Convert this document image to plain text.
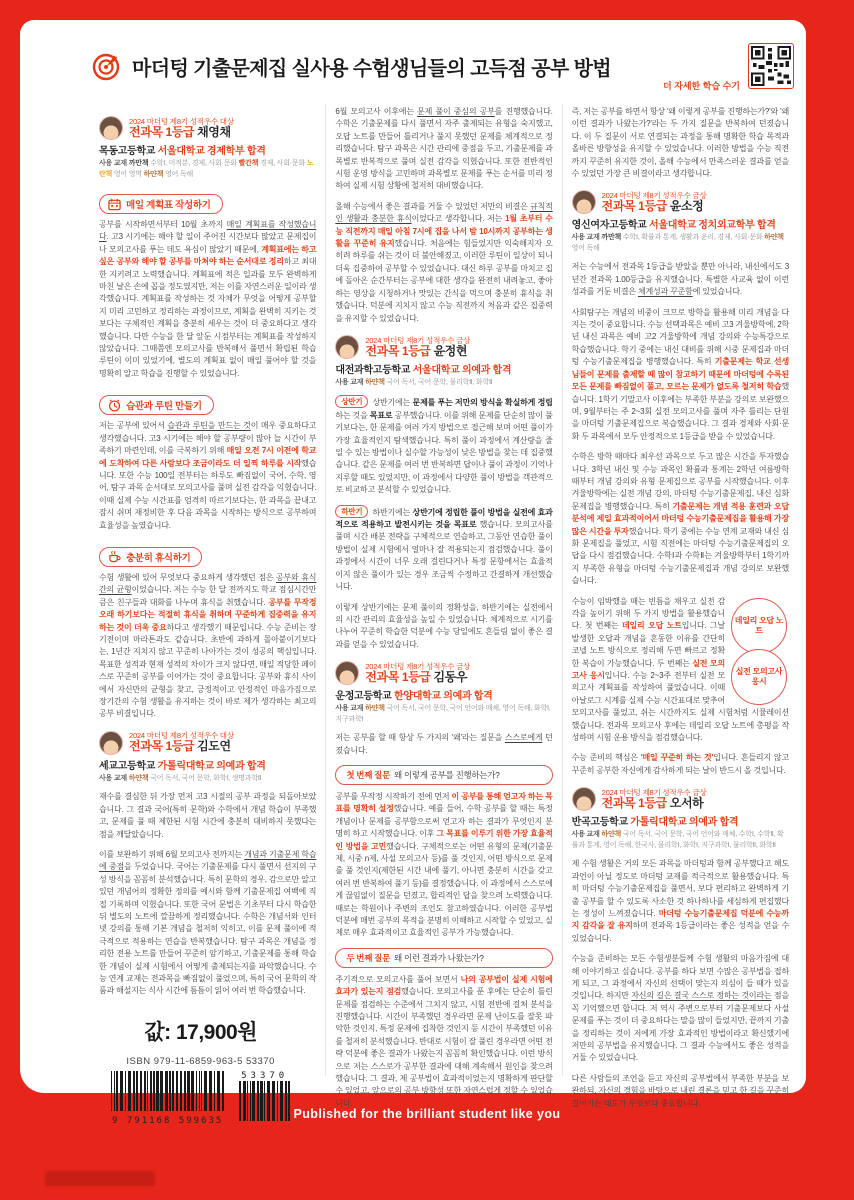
마더텅 기출문제집 실사용 수험생님들의 고득점 공부 방법
더 자세한 학습 수기
2024 마더텅 제8기 성적우수 대상
전과목 1등급 채영채
목동고등학교 서울대학교 경제학부 합격
사용 교재 까만책 수학Ⅰ, 미적분, 경제, 사회·문화 빨간책 경제, 사회·문화 노란책 영어 영역 하얀책 영어 독해
매일 계획표 작성하기

공부를 시작하면서부터 10월 초까지 매일 계획표를 작성했습니다. 고3 시기에는 해야 할 일이 주어진 시간보다 많았고 문제집이나 모의고사를 푸는 데도 욕심이 많았기 때문에, 계획표에는 하고 싶은 공부와 해야 할 공부를 마쳐야 하는 순서대로 정리하고 최대한 지키려고 노력했습니다. 계획표에 적은 일과를 모두 완벽하게 마친 날은 손에 꼽을 정도였지만, 저는 이를 자연스러운 일이라 생각했습니다. 계획표를 작성하는 것 자체가 무엇을 어떻게 공부할지 미리 고민하고 정리하는 과정이므로, 계획을 완벽히 지키는 것보다는 구체적인 계획을 충분히 세우는 것이 더 중요하다고 생각했습니다. 다만 수능을 한 달 앞둔 시점부터는 계획표를 작성하지 않았습니다. 그때쯤엔 모의고사를 반복해서 풀면서 확립된 학습 루틴이 이미 있었기에, 별도의 계획표 없이 매일 풀어야 할 것을 명확히 알고 학습을 진행할 수 있었습니다.

습관과 루틴 만들기

저는 공부에 있어서 습관과 루틴을 만드는 것이 매우 중요하다고 생각했습니다. 고3 시기에는 해야 할 공부량이 많아 늘 시간이 부족하기 마련인데, 이를 극복하기 위해 매일 오전 7시 이전에 학교에 도착하여 다른 사람보다 조금이라도 더 일찍 하루를 시작했습니다. 또한 수능 100일 전부터는 하루도 빠짐없이 국어, 수학, 영어, 탐구 과목 순서대로 모의고사를 풀며 실전 감각을 익혔습니다. 이때 실제 수능 시간표를 엄격히 따르기보다는, 한 과목을 끝내고 잠시 쉬며 재정비한 후 다음 과목을 시작하는 방식으로 공부하며 효율성을 높였습니다.

충분히 휴식하기

수험 생활에 있어 무엇보다 중요하게 생각했던 점은 공부와 휴식 간의 균형이었습니다. 저는 수능 한 달 전까지도 학교 점심시간만큼은 친구들과 대화를 나누며 휴식을 취했습니다. 공부를 무작정 오래 하기보다는 적절히 휴식을 취하며 꾸준하게 집중력을 유지하는 것이 더욱 중요하다고 생각했기 때문입니다. 수능 준비는 장기전이며 마라톤과도 같습니다. 초반에 과하게 몰아붙이기보다는, 1년간 지치지 않고 꾸준히 나아가는 것이 성공의 핵심입니다. 목표한 성적과 현재 성적의 차이가 크지 않다면, 매일 적당한 페이스로 꾸준히 공부를 이어가는 것이 중요합니다. 공부와 휴식 사이에서 자신만의 균형을 찾고, 긍정적이고 안정적인 마음가짐으로 장기간의 수험 생활을 유지하는 것이 바로 제가 생각하는 최고의 공부 비결입니다.

2024 마더텅 제8기 성적우수 대상
전과목 1등급 김도연
세교고등학교 가톨릭대학교 의예과 합격
사용 교재 하얀책 국어 독서, 국어 문학, 화학Ⅰ, 생명과학Ⅱ

재수를 결심한 뒤 가장 먼저 고3 시절의 공부 과정을 되돌아보았습니다. 그 결과 국어(특히 문학)와 수학에서 개념 학습이 부족했고, 문제를 풀 때 제한된 시험 시간에 충분히 대비하지 못했다는 점을 깨달았습니다.

이를 보완하기 위해 6월 모의고사 전까지는 개념과 기출문제 학습에 중점을 두었습니다. 국어는 기출문제를 다시 풀면서 선지의 구성 방식을 꼼꼼히 분석했습니다. 특히 문학의 경우, 감으로만 알고 있던 개념어의 정확한 정의를 예시와 함께 기출문제집 여백에 직접 기록하며 익혔습니다. 또한 국어 문법은 기초부터 다시 학습한 뒤 별도의 노트에 깔끔하게 정리했습니다. 수학은 개념서와 인터넷 강의를 통해 기본 개념을 철저히 익히고, 이를 문제 풀이에 적극적으로 적용하는 연습을 반복했습니다. 탐구 과목은 개념을 정리한 전용 노트를 만들어 꾸준히 암기하고, 기출문제를 통해 학습한 개념이 실제 시험에서 어떻게 출제되는지를 파악했습니다. 수능 연계 교재는 전과목을 빠짐없이 풀었으며, 특히 국어 문학의 작품과 해설지는 식사 시간에 틈틈이 읽어 여러 번 학습했습니다.

값: 17,900원
ISBN 979-11-6859-963-5 53370
9 791168 599635
53370

6월 모의고사 이후에는 문제 풀이 중심의 공부를 진행했습니다. 수학은 기출문제를 다시 풀면서 자주 출제되는 유형을 숙지했고, 오답 노트를 만들어 틀리거나 풀지 못했던 문제를 체계적으로 정리했습니다. 탐구 과목은 시간 관리에 중점을 두고, 기출문제를 과목별로 반복적으로 풀며 실전 감각을 익혔습니다. 또한 전반적인 시험 운영 방식을 고민하며 과목별로 문제를 푸는 순서를 미리 정하여 실제 시험 상황에 철저히 대비했습니다.

올해 수능에서 좋은 결과를 거둘 수 있었던 저만의 비결은 규칙적인 생활과 충분한 휴식이었다고 생각합니다. 저는 1월 초부터 수능 직전까지 매일 아침 7시에 집을 나서 밤 10시까지 공부하는 생활을 꾸준히 유지했습니다. 처음에는 힘들었지만 익숙해지자 오히려 하루를 쉬는 것이 더 불안해졌고, 이러한 루틴이 일상이 되니 더욱 집중하여 공부할 수 있었습니다. 대신 하루 공부를 마치고 집에 돌아온 순간부터는 공부에 대한 생각을 완전히 내려놓고, 좋아하는 영상을 시청하거나 맛있는 간식을 먹으며 충분히 휴식을 취했습니다. 덕분에 지치지 않고 수능 직전까지 처음과 같은 집중력을 유지할 수 있었습니다.

2024 마더텅 제8기 성적우수 금상
전과목 1등급 윤정현
대전과학고등학교 서울대학교 의예과 합격
사용 교재 하얀책 국어 독서, 국어 문학, 물리학Ⅱ, 화학Ⅱ

상반기 상반기에는 문제를 푸는 저만의 방식을 확실하게 정립하는 것을 목표로 공부했습니다. 이를 위해 문제를 단순히 많이 풀기보다는, 한 문제를 여러 가지 방법으로 접근해 보며 어떤 풀이가 가장 효율적인지 탐색했습니다. 특히 풀이 과정에서 계산량을 줄일 수 있는 방법이나 실수할 가능성이 낮은 방법을 찾는 데 집중했습니다. 같은 문제를 여러 번 반복하면 답이나 풀이 과정이 기억나 지루할 때도 있었지만, 이 과정에서 다양한 풀이 방법을 객관적으로 비교하고 분석할 수 있었습니다.

하반기 하반기에는 상반기에 정립한 풀이 방법을 실전에 효과적으로 적용하고 발전시키는 것을 목표로 했습니다. 모의고사를 풀며 시간 배분 전략을 구체적으로 연습하고, 그동안 연습한 풀이 방법이 실제 시험에서 얼마나 잘 적용되는지 점검했습니다. 풀이 과정에서 시간이 너무 오래 걸린다거나 특정 문항에서는 효율적이지 않은 풀이가 있는 경우 조금씩 수정하고 간결하게 개선했습니다.

이렇게 상반기에는 문제 풀이의 정확성을, 하반기에는 실전에서의 시간 관리의 효율성을 높일 수 있었습니다. 체계적으로 시기를 나누어 꾸준히 학습한 덕분에 수능 당일에도 흔들림 없이 좋은 결과를 얻을 수 있었습니다.

2024 마더텅 제8기 성적우수 금상
전과목 1등급 김동우
운정고등학교 한양대학교 의예과 합격
사용 교재 하얀책 국어 독서, 국어 문학, 국어 언어와 매체, 영어 독해, 화학Ⅰ, 지구과학Ⅰ

저는 공부를 할 때 항상 두 가지의 '왜'라는 질문을 스스로에게 던졌습니다.

첫 번째 질문 왜 이렇게 공부를 진행하는가?

공부를 무작정 시작하기 전에 먼저 이 공부를 통해 얻고자 하는 목표를 명확히 설정했습니다. 예를 들어, 수학 공부를 할 때는 특정 개념이나 문제를 공부함으로써 얻고자 하는 결과가 무엇인지 분명히 하고 시작했습니다. 이후 그 목표를 이루기 위한 가장 효율적인 방법을 고민했습니다. 구체적으로는 어떤 유형의 문제(기출문제, 시중 n제, 사설 모의고사 등)를 풀 것인지, 어떤 방식으로 문제를 풀 것인지(제한된 시간 내에 풀기, 아니면 충분히 시간을 갖고 여러 번 반복하여 풀기 등)를 결정했습니다. 이 과정에서 스스로에게 끊임없이 질문을 던졌고, 합리적인 답을 찾으려 노력했습니다. 때로는 학원이나 주변의 조언도 참고하였습니다. 이러한 공부법 덕분에 매번 공부의 목적을 분명히 이해하고 시작할 수 있었고, 실제로 매우 효과적이고 효율적인 공부가 가능했습니다.

두 번째 질문 왜 이런 결과가 나왔는가?

주기적으로 모의고사를 풀어 보면서 나의 공부법이 실제 시험에 효과가 있는지 점검했습니다. 모의고사를 푼 후에는 단순히 틀린 문제를 점검하는 수준에서 그치지 않고, 시험 전반에 걸쳐 분석을 진행했습니다. 시간이 부족했던 경우라면 문제 난이도를 잘못 파악한 것인지, 특정 문제에 집착한 것인지 등 시간이 부족했던 이유를 철저히 분석했습니다. 반대로 시험이 잘 풀린 경우라면 어떤 전략 덕분에 좋은 결과가 나왔는지 꼼꼼히 확인했습니다. 이런 방식으로 저는 스스로가 공부한 결과에 대해 계속해서 원인을 찾으려 했습니다. 그 결과, 제 공부법이 효과적이었는지 명확하게 판단할 수 있었고, 앞으로의 공부 방향성 또한 자연스럽게 정할 수 있었습니다.

즉, 저는 공부를 하면서 항상 '왜 이렇게 공부를 진행하는가?'와 '왜 이런 결과가 나왔는가?'라는 두 가지 질문을 반복하여 던졌습니다. 이 두 질문이 서로 연결되는 과정을 통해 명확한 학습 목적과 올바른 방향성을 유지할 수 있었습니다. 이러한 방법을 수능 직전까지 꾸준히 유지한 것이, 올해 수능에서 만족스러운 결과를 얻을 수 있었던 가장 큰 비결이라고 생각합니다.

2024 마더텅 제8기 성적우수 금상
전과목 1등급 윤소정
영신여자고등학교 서울대학교 정치외교학부 합격
사용 교재 까만책 수학Ⅰ, 확률과 통계, 생활과 윤리, 경제, 사회·문화 하얀책 영어 독해

저는 수능에서 전과목 1등급을 받았을 뿐만 아니라, 내신에서도 3년간 전과목 1.00등급을 유지했습니다. 특별한 사교육 없이 이런 성과를 거둔 비결은 체계성과 꾸준함에 있었습니다.

사회탐구는 개념의 비중이 크므로 방학을 활용해 미리 개념을 다지는 것이 중요합니다. 수능 선택과목은 예비 고3 겨울방학에, 2학년 내신 과목은 예비 고2 겨울방학에 개념 강의와 수능특강으로 학습했습니다. 학기 중에는 내신 대비를 위해 시중 문제집과 마더텅 수능기출문제집을 병행했습니다. 특히 기출문제는 학교 선생님들이 문제를 출제할 때 많이 참고하기 때문에 마더텅에 수록된 모든 문제를 빠짐없이 풀고, 모르는 문제가 없도록 철저히 학습했습니다. 1학기 기말고사 이후에는 부족한 부분을 강의로 보완했으며, 9월부터는 주 2~3회 실전 모의고사를 풀며 자주 틀리는 단원을 마더텅 기출문제집으로 복습했습니다. 그 결과 경제와 사회·문화 두 과목에서 모두 안정적으로 1등급을 받을 수 있었습니다.

수학은 방학 때마다 최우선 과목으로 두고 많은 시간을 투자했습니다. 3학년 내신 및 수능 과목인 확률과 통계는 2학년 여름방학 때부터 개념 강의와 유형 문제집으로 공부를 시작했습니다. 이후 겨울방학에는 실전 개념 강의, 마더텅 수능기출문제집, 내신 심화 문제집을 병행했습니다. 특히 기출문제는 개념 적용 훈련과 오답 분석에 제일 효과적이어서 마더텅 수능기출문제집을 활용해 가장 많은 시간을 투자했습니다. 학기 중에는 수능 연계 교재와 내신 심화 문제집을 풀었고, 시험 직전에는 마더텅 수능기출문제집의 오답을 다시 점검했습니다. 수학Ⅰ과 수학Ⅱ는 겨울방학부터 1학기까지 부족한 유형을 마더텅 수능기출문제집과 개념 강의로 보완했습니다.

데일리 오답 노트
실전 모의고사 응시
수능이 임박했을 때는 빈틈을 채우고 실전 감각을 높이기 위해 두 가지 방법을 활용했습니다. 첫 번째는 데일리 오답 노트입니다. 그날 발생한 오답과 개념을 혼동한 이유를 간단히 코넬 노트 방식으로 정리해 두면 빠르고 정확한 복습이 가능했습니다. 두 번째는 실전 모의고사 응시입니다. 수능 2~3주 전부터 실전 모의고사 계획표를 작성하여 풀었습니다. 이때 아날로그 시계를 실제 수능 시간표대로 맞추어 모의고사를 풀었고, 쉬는 시간까지도 실제 시험처럼 시뮬레이션했습니다. 전과목 모의고사 후에는 데일리 오답 노트에 총평을 작성하며 시험 운용 방식을 점검했습니다.

수능 준비의 핵심은 '매일 꾸준히 하는 것'입니다. 흔들리지 않고 꾸준히 공부한 자신에게 감사하게 되는 날이 반드시 올 것입니다.

2024 마더텅 제8기 성적우수 금상
전과목 1등급 오서하
반곡고등학교 가톨릭대학교 의예과 합격
사용 교재 하얀책 국어 독서, 국어 문학, 국어 언어와 매체, 수학Ⅰ, 수학Ⅱ, 확률과 통계, 영어 독해, 한국사, 물리학Ⅰ, 화학Ⅰ, 지구과학Ⅰ, 물리학Ⅱ, 화학Ⅱ

제 수험 생활은 거의 모든 과목을 마더텅과 함께 공부했다고 해도 과언이 아닐 정도로 마더텅 교재를 적극적으로 활용했습니다. 특히 마더텅 수능기출문제집을 풀면서, 보다 편리하고 완벽하게 기출 공부를 할 수 있도록 사소한 것 하나하나를 세심하게 편집했다는 정성이 느껴졌습니다. 마더텅 수능기출문제집 덕분에 수능까지 감각을 잘 유지하며 전과목 1등급이라는 좋은 성적을 얻을 수 있었습니다.

수능을 준비하는 모든 수험생분들께 수험 생활의 마음가짐에 대해 이야기하고 싶습니다. 공부를 하다 보면 수많은 공부법을 접하게 되고, 그 과정에서 자신의 선택이 맞는지 의심이 들 때가 있을 것입니다. 하지만 자신의 길은 결국 스스로 정하는 것이라는 점을 꼭 기억했으면 합니다. 저 역시 주변으로부터 기출문제보다 사설문제를 푸는 것이 더 중요하다는 말을 많이 들었지만, 끝까지 기출을 정리하는 것이 저에게 가장 효과적인 방법이라고 확신했기에 저만의 공부법을 유지했습니다. 그 결과 수능에서도 좋은 성적을 거둘 수 있었습니다.

다른 사람들의 조언을 듣고 자신의 공부법에서 부족한 부분을 보완하되, 자신의 경험을 바탕으로 내린 결론을 믿고 한 길을 꾸준히 걸어가는 태도가 무엇보다 중요합니다.

Published for the brilliant student like you
